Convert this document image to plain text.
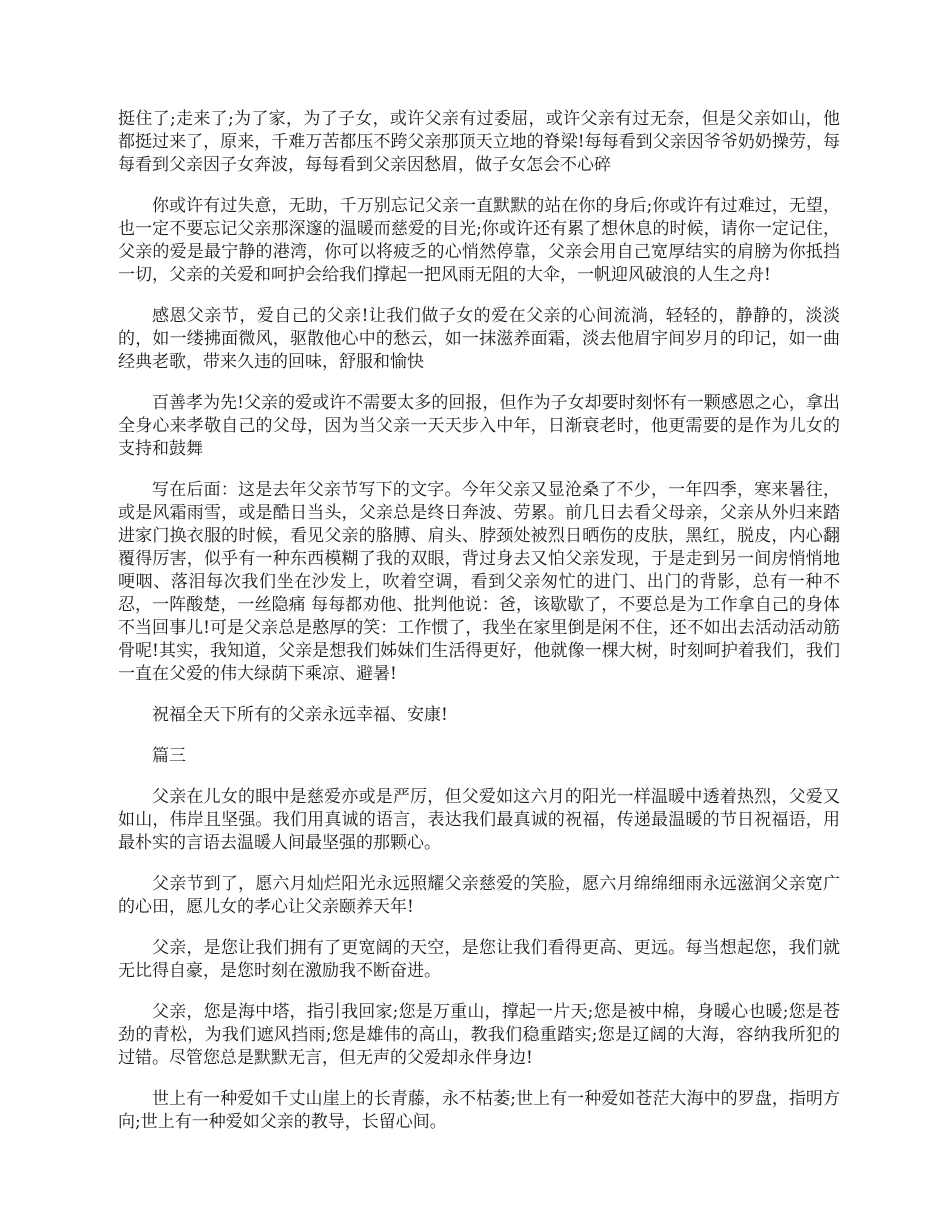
挺住了;走来了;为了家，为了子女，或许父亲有过委屈，或许父亲有过无奈，但是父亲如山，他都挺过来了，原来，千难万苦都压不跨父亲那顶天立地的脊梁!每每看到父亲因爷爷奶奶操劳，每每看到父亲因子女奔波，每每看到父亲因愁眉，做子女怎会不心碎

你或许有过失意，无助，千万别忘记父亲一直默默的站在你的身后;你或许有过难过，无望，也一定不要忘记父亲那深邃的温暖而慈爱的目光;你或许还有累了想休息的时候，请你一定记住，父亲的爱是最宁静的港湾，你可以将疲乏的心悄然停靠，父亲会用自己宽厚结实的肩膀为你抵挡一切，父亲的关爱和呵护会给我们撑起一把风雨无阻的大伞，一帆迎风破浪的人生之舟!

感恩父亲节，爱自己的父亲!让我们做子女的爱在父亲的心间流淌，轻轻的，静静的，淡淡的，如一缕拂面微风，驱散他心中的愁云，如一抹滋养面霜，淡去他眉宇间岁月的印记，如一曲经典老歌，带来久违的回味，舒服和愉快

百善孝为先!父亲的爱或许不需要太多的回报，但作为子女却要时刻怀有一颗感恩之心，拿出全身心来孝敬自己的父母，因为当父亲一天天步入中年，日渐衰老时，他更需要的是作为儿女的支持和鼓舞

写在后面：这是去年父亲节写下的文字。今年父亲又显沧桑了不少，一年四季，寒来暑往，或是风霜雨雪，或是酷日当头，父亲总是终日奔波、劳累。前几日去看父母亲，父亲从外归来踏进家门换衣服的时候，看见父亲的胳膊、肩头、脖颈处被烈日晒伤的皮肤，黑红，脱皮，内心翻覆得厉害，似乎有一种东西模糊了我的双眼，背过身去又怕父亲发现，于是走到另一间房悄悄地哽咽、落泪每次我们坐在沙发上，吹着空调，看到父亲匆忙的进门、出门的背影，总有一种不忍，一阵酸楚，一丝隐痛 每每都劝他、批判他说：爸，该歇歇了，不要总是为工作拿自己的身体不当回事儿!可是父亲总是憨厚的笑：工作惯了，我坐在家里倒是闲不住，还不如出去活动活动筋骨呢!其实，我知道，父亲是想我们姊妹们生活得更好，他就像一棵大树，时刻呵护着我们，我们一直在父爱的伟大绿荫下乘凉、避暑!

祝福全天下所有的父亲永远幸福、安康!

篇三

父亲在儿女的眼中是慈爱亦或是严厉，但父爱如这六月的阳光一样温暖中透着热烈，父爱又如山，伟岸且坚强。我们用真诚的语言，表达我们最真诚的祝福，传递最温暖的节日祝福语，用最朴实的言语去温暖人间最坚强的那颗心。

父亲节到了，愿六月灿烂阳光永远照耀父亲慈爱的笑脸，愿六月绵绵细雨永远滋润父亲宽广的心田，愿儿女的孝心让父亲颐养天年!

父亲，是您让我们拥有了更宽阔的天空，是您让我们看得更高、更远。每当想起您，我们就无比得自豪，是您时刻在激励我不断奋进。

父亲，您是海中塔，指引我回家;您是万重山，撑起一片天;您是被中棉，身暖心也暖;您是苍劲的青松，为我们遮风挡雨;您是雄伟的高山，教我们稳重踏实;您是辽阔的大海，容纳我所犯的过错。尽管您总是默默无言，但无声的父爱却永伴身边!

世上有一种爱如千丈山崖上的长青藤，永不枯萎;世上有一种爱如苍茫大海中的罗盘，指明方向;世上有一种爱如父亲的教导，长留心间。
